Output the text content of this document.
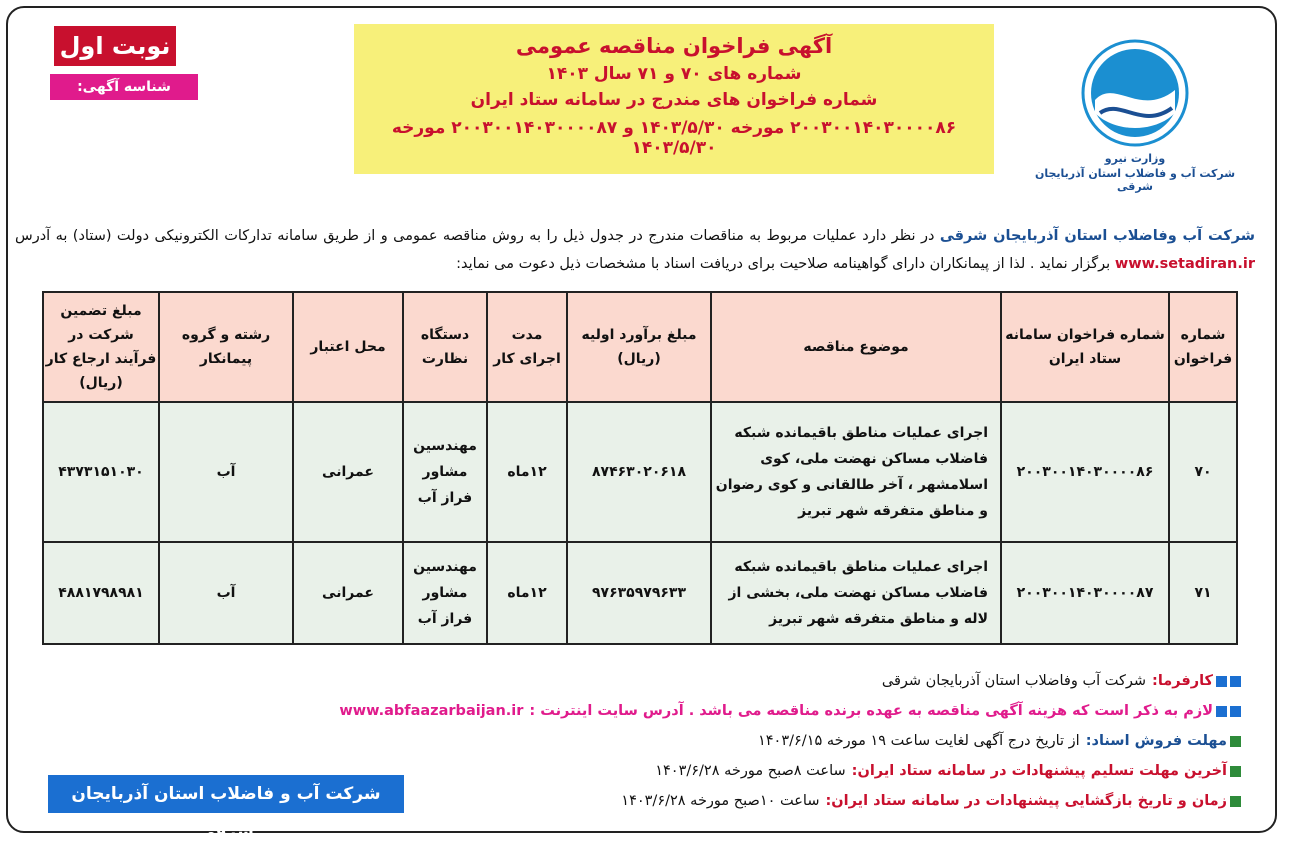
نوبت اول
شناسه آگهی: ۱۷۷۵۴۶۸
آگهی فراخوان مناقصه عمومی
شماره های ۷۰ و ۷۱ سال ۱۴۰۳
شماره فراخوان های مندرج در سامانه ستاد ایران
۲۰۰۳۰۰۱۴۰۳۰۰۰۰۸۶ مورخه ۱۴۰۳/۵/۳۰ و ۲۰۰۳۰۰۱۴۰۳۰۰۰۰۸۷ مورخه ۱۴۰۳/۵/۳۰
وزارت نیرو
شرکت آب و فاضلاب استان آذربایجان شرقی
شرکت آب وفاضلاب استان آذربایجان شرقی در نظر دارد عملیات مربوط به مناقصات مندرج در جدول ذیل را به روش مناقصه عمومی و از طریق سامانه تدارکات الکترونیکی دولت (ستاد) به آدرس www.setadiran.ir برگزار نماید . لذا از پیمانکاران دارای گواهینامه صلاحیت برای دریافت اسناد با مشخصات ذیل دعوت می نماید:
شماره فراخوان	شماره فراخوان سامانه ستاد ایران	موضوع مناقصه	مبلغ برآورد اولیه (ریال)	مدت اجرای کار	دستگاه نظارت	محل اعتبار	رشته و گروه پیمانکار	مبلغ تضمین شرکت در فرآیند ارجاع کار (ریال)
۷۰	۲۰۰۳۰۰۱۴۰۳۰۰۰۰۸۶	اجرای عملیات مناطق باقیمانده شبکه فاضلاب مساکن نهضت ملی، کوی اسلامشهر ، آخر طالقانی و کوی رضوان و مناطق متفرقه شهر تبریز	۸۷۴۶۳۰۲۰۶۱۸	۱۲ماه	مهندسین مشاور فراز آب	عمرانی	آب	۴۳۷۳۱۵۱۰۳۰
۷۱	۲۰۰۳۰۰۱۴۰۳۰۰۰۰۸۷	اجرای عملیات مناطق باقیمانده شبکه فاضلاب مساکن نهضت ملی، بخشی از لاله و مناطق متفرقه شهر تبریز	۹۷۶۳۵۹۷۹۶۳۳	۱۲ماه	مهندسین مشاور فراز آب	عمرانی	آب	۴۸۸۱۷۹۸۹۸۱
کارفرما:
شرکت آب وفاضلاب استان آذربایجان شرقی
لازم به ذکر است که هزینه آگهی مناقصه به عهده برنده مناقصه می باشد . آدرس سایت اینترنت :
www.abfaazarbaijan.ir
مهلت فروش اسناد:
از تاریخ درج آگهی لغایت ساعت ۱۹ مورخه ۱۴۰۳/۶/۱۵
آخرین مهلت تسلیم پیشنهادات در سامانه ستاد ایران:
ساعت ۸صبح مورخه ۱۴۰۳/۶/۲۸
زمان و تاریخ بازگشایی پیشنهادات در سامانه ستاد ایران:
ساعت ۱۰صبح مورخه ۱۴۰۳/۶/۲۸
شرکت آب و فاضلاب استان آذربایجان شرقی
